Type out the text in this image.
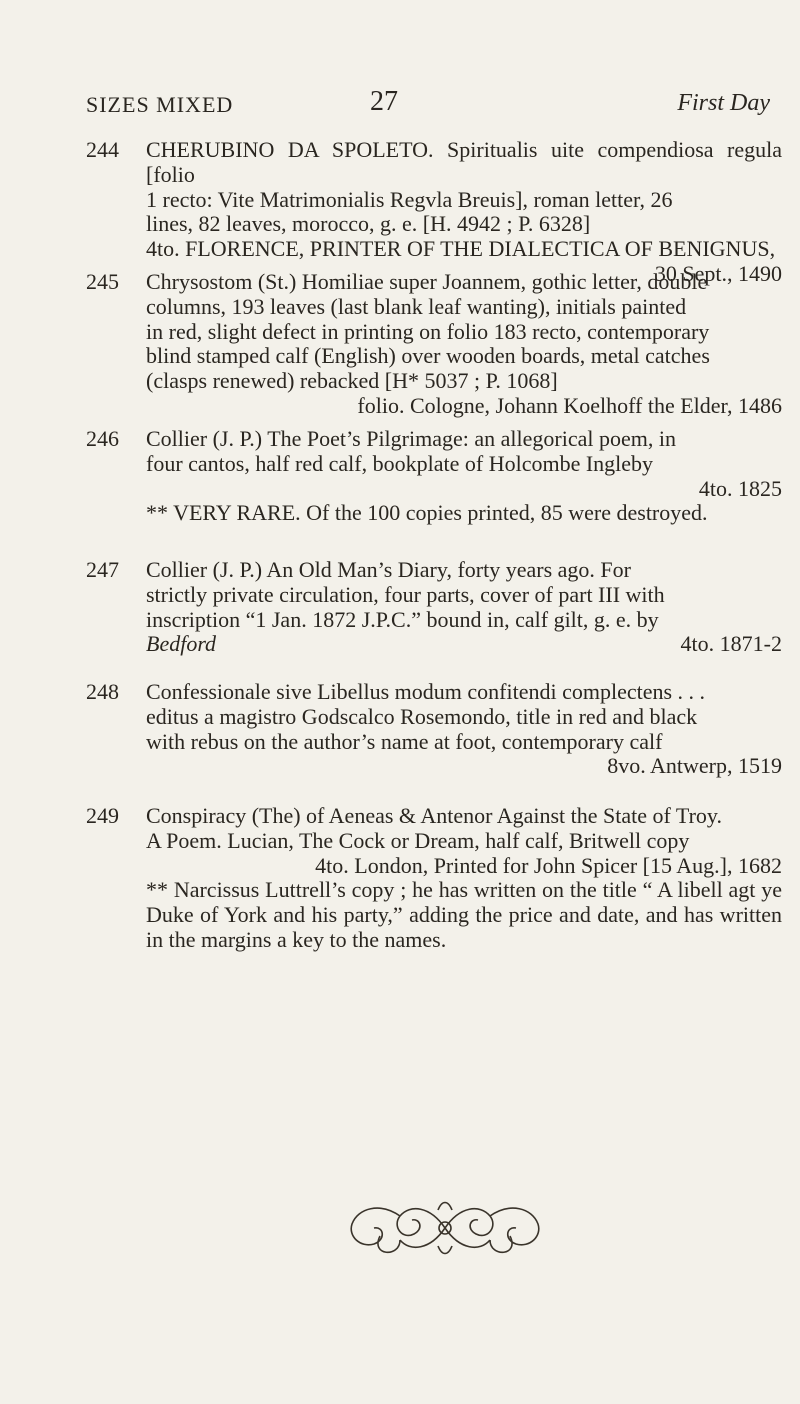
SIZES MIXED	27	First Day
244	CHERUBINO DA SPOLETO. Spiritualis uite compendiosa regula [folio

1 recto: Vite Matrimonialis Regvla Breuis], roman letter, 26

lines, 82 leaves, morocco, g. e. [H. 4942 ; P. 6328]

4to. FLORENCE, PRINTER OF THE DIALECTICA OF BENIGNUS,

30 Sept., 1490

245	Chrysostom (St.) Homiliae super Joannem, gothic letter, double

columns, 193 leaves (last blank leaf wanting), initials painted

in red, slight defect in printing on folio 183 recto, contemporary

blind stamped calf (English) over wooden boards, metal catches

(clasps renewed) rebacked [H* 5037 ; P. 1068]

folio. Cologne, Johann Koelhoff the Elder, 1486

246	Collier (J. P.) The Poet’s Pilgrimage: an allegorical poem, in

four cantos, half red calf, bookplate of Holcombe Ingleby

4to. 1825

** VERY RARE. Of the 100 copies printed, 85 were destroyed.

247	Collier (J. P.) An Old Man’s Diary, forty years ago. For

strictly private circulation, four parts, cover of part III with

inscription “1 Jan. 1872 J.P.C.” bound in, calf gilt, g. e. by

Bedford	4to. 1871-2

248	Confessionale sive Libellus modum confitendi complectens . . .

editus a magistro Godscalco Rosemondo, title in red and black

with rebus on the author’s name at foot, contemporary calf

8vo. Antwerp, 1519

249	Conspiracy (The) of Aeneas & Antenor Against the State of Troy.

A Poem. Lucian, The Cock or Dream, half calf, Britwell copy

4to. London, Printed for John Spicer [15 Aug.], 1682

** Narcissus Luttrell’s copy ; he has written on the title “ A libell agt ye Duke of York and his party,” adding the price and date, and has written in the margins a key to the names.
